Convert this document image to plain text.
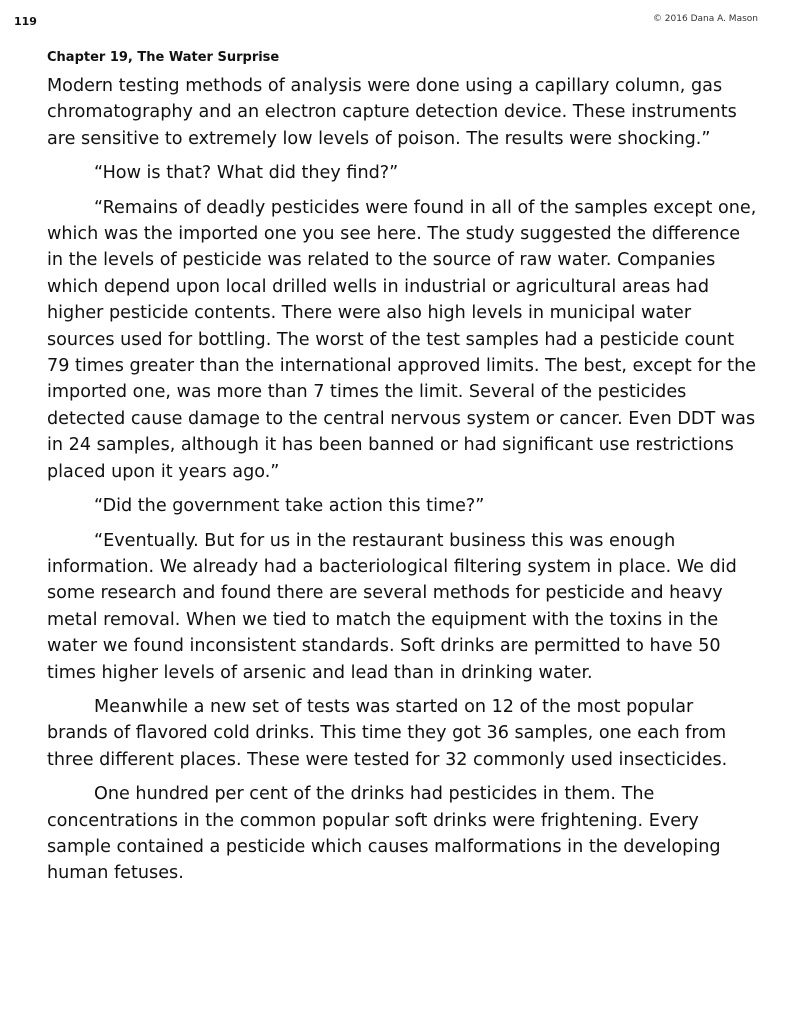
119	© 2016 Dana A. Mason
Chapter 19, The Water Surprise

Modern testing methods of analysis were done using a capillary column, gas chromatography and an electron capture detection device. These instruments are sensitive to extremely low levels of poison. The results were shocking.”

“How is that? What did they find?”

“Remains of deadly pesticides were found in all of the samples except one, which was the imported one you see here. The study suggested the difference in the levels of pesticide was related to the source of raw water. Companies which depend upon local drilled wells in industrial or agricultural areas had higher pesticide contents. There were also high levels in municipal water sources used for bottling. The worst of the test samples had a pesticide count 79 times greater than the international approved limits. The best, except for the imported one, was more than 7 times the limit. Several of the pesticides detected cause damage to the central nervous system or cancer. Even DDT was in 24 samples, although it has been banned or had significant use restrictions placed upon it years ago.”

“Did the government take action this time?”

“Eventually. But for us in the restaurant business this was enough information. We already had a bacteriological filtering system in place. We did some research and found there are several methods for pesticide and heavy metal removal. When we tied to match the equipment with the toxins in the water we found inconsistent standards. Soft drinks are permitted to have 50 times higher levels of arsenic and lead than in drinking water.

Meanwhile a new set of tests was started on 12 of the most popular brands of flavored cold drinks. This time they got 36 samples, one each from three different places. These were tested for 32 commonly used insecticides.

One hundred per cent of the drinks had pesticides in them. The concentrations in the common popular soft drinks were frightening. Every sample contained a pesticide which causes malformations in the developing human fetuses.
